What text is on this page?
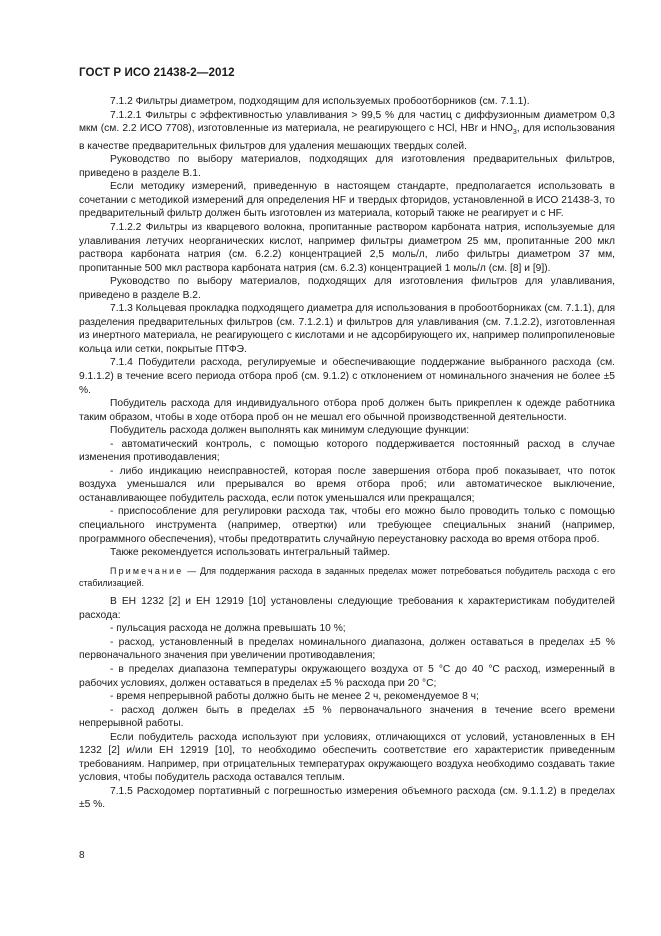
ГОСТ Р ИСО 21438-2—2012

7.1.2 Фильтры диаметром, подходящим для используемых пробоотборников (см. 7.1.1).

7.1.2.1 Фильтры с эффективностью улавливания > 99,5 % для частиц с диффузионным диаметром 0,3 мкм (см. 2.2 ИСО 7708), изготовленные из материала, не реагирующего с HCl, HBr и $HNO_3$, для использования в качестве предварительных фильтров для удаления мешающих твердых солей.

Руководство по выбору материалов, подходящих для изготовления предварительных фильтров, приведено в разделе B.1.

Если методику измерений, приведенную в настоящем стандарте, предполагается использовать в сочетании с методикой измерений для определения HF и твердых фторидов, установленной в ИСО 21438-3, то предварительный фильтр должен быть изготовлен из материала, который также не реагирует и с HF.

7.1.2.2 Фильтры из кварцевого волокна, пропитанные раствором карбоната натрия, используемые для улавливания летучих неорганических кислот, например фильтры диаметром 25 мм, пропитанные 200 мкл раствора карбоната натрия (см. 6.2.2) концентрацией 2,5 моль/л, либо фильтры диаметром 37 мм, пропитанные 500 мкл раствора карбоната натрия (см. 6.2.3) концентрацией 1 моль/л (см. [8] и [9]).

Руководство по выбору материалов, подходящих для изготовления фильтров для улавливания, приведено в разделе B.2.

7.1.3 Кольцевая прокладка подходящего диаметра для использования в пробоотборниках (см. 7.1.1), для разделения предварительных фильтров (см. 7.1.2.1) и фильтров для улавливания (см. 7.1.2.2), изготовленная из инертного материала, не реагирующего с кислотами и не адсорбирующего их, например полипропиленовые кольца или сетки, покрытые ПТФЭ.

7.1.4 Побудители расхода, регулируемые и обеспечивающие поддержание выбранного расхода (см. 9.1.1.2) в течение всего периода отбора проб (см. 9.1.2) с отклонением от номинального значения не более ±5 %.

Побудитель расхода для индивидуального отбора проб должен быть прикреплен к одежде работника таким образом, чтобы в ходе отбора проб он не мешал его обычной производственной деятельности.

Побудитель расхода должен выполнять как минимум следующие функции:

- автоматический контроль, с помощью которого поддерживается постоянный расход в случае изменения противодавления;

- либо индикацию неисправностей, которая после завершения отбора проб показывает, что поток воздуха уменьшался или прерывался во время отбора проб; или автоматическое выключение, останавливающее побудитель расхода, если поток уменьшался или прекращался;

- приспособление для регулировки расхода так, чтобы его можно было проводить только с помощью специального инструмента (например, отвертки) или требующее специальных знаний (например, программного обеспечения), чтобы предотвратить случайную переустановку расхода во время отбора проб.

Также рекомендуется использовать интегральный таймер.

Примечание — Для поддержания расхода в заданных пределах может потребоваться побудитель расхода с его стабилизацией.

В ЕН 1232 [2] и ЕН 12919 [10] установлены следующие требования к характеристикам побудителей расхода:

- пульсация расхода не должна превышать 10 %;

- расход, установленный в пределах номинального диапазона, должен оставаться в пределах ±5 % первоначального значения при увеличении противодавления;

- в пределах диапазона температуры окружающего воздуха от 5 °С до 40 °С расход, измеренный в рабочих условиях, должен оставаться в пределах ±5 % расхода при 20 °С;

- время непрерывной работы должно быть не менее 2 ч, рекомендуемое 8 ч;

- расход должен быть в пределах ±5 % первоначального значения в течение всего времени непрерывной работы.

Если побудитель расхода используют при условиях, отличающихся от условий, установленных в ЕН 1232 [2] и/или ЕН 12919 [10], то необходимо обеспечить соответствие его характеристик приведенным требованиям. Например, при отрицательных температурах окружающего воздуха необходимо создавать такие условия, чтобы побудитель расхода оставался теплым.

7.1.5 Расходомер портативный с погрешностью измерения объемного расхода (см. 9.1.1.2) в пределах ±5 %.

8
